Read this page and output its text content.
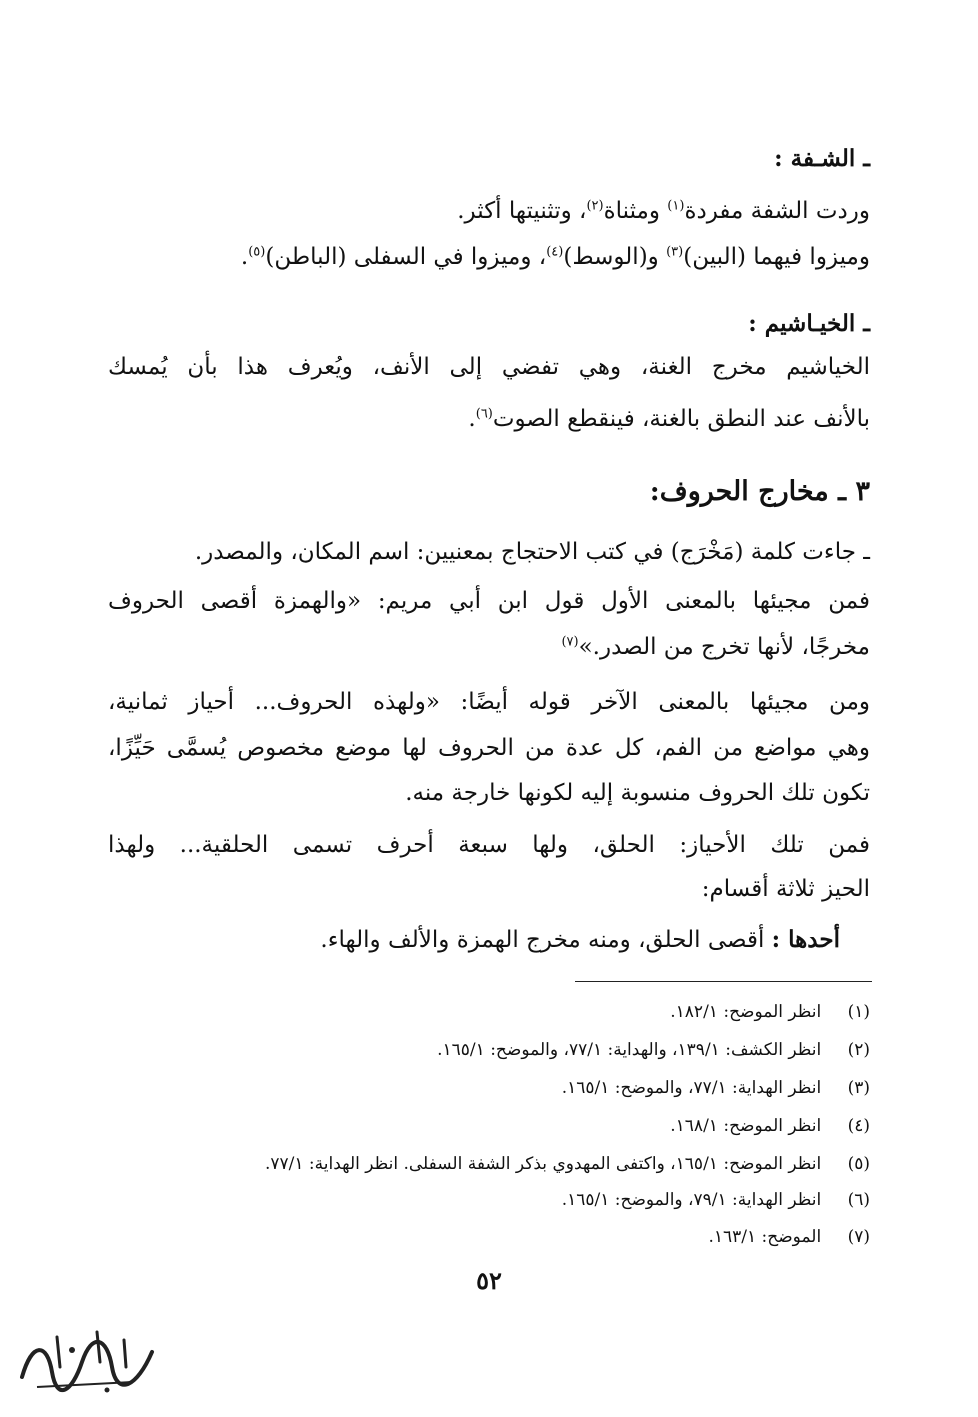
ـ الشـفة :
وردت الشفة مفردة$^{(١)}$ ومثناة$^{(٢)}$، وتثنيتها أكثر.
وميزوا فيهما (البين)$^{(٣)}$ و(الوسط)$^{(٤)}$، وميزوا في السفلى (الباطن)$^{(٥)}$.
ـ الخيـاشيم :
الخياشيم مخرج الغنة، وهي تفضي إلى الأنف، ويُعرف هذا بأن يُمسك
بالأنف عند النطق بالغنة، فينقطع الصوت$^{(٦)}$.
٣ ـ مخارج الحروف:
ـ جاءت كلمة (مَخْرَج) في كتب الاحتجاج بمعنيين: اسم المكان، والمصدر.
فمن مجيئها بالمعنى الأول قول ابن أبي مريم: «والهمزة أقصى الحروف
مخرجًا، لأنها تخرج من الصدر.»$^{(٧)}$
ومن مجيئها بالمعنى الآخر قوله أيضًا: «ولهذه الحروف... أحياز ثمانية،
وهي مواضع من الفم، كل عدة من الحروف لها موضع مخصوص يُسمَّى حَيِّزًا،
تكون تلك الحروف منسوبة إليه لكونها خارجة منه.
فمن تلك الأحياز: الحلق، ولها سبعة أحرف تسمى الحلقية... ولهذا
الحيز ثلاثة أقسام:
أحدها : أقصى الحلق، ومنه مخرج الهمزة والألف والهاء.
(١)  انظر الموضح: ١٨٢/١.
(٢)  انظر الكشف: ١٣٩/١، والهداية: ٧٧/١، والموضح: ١٦٥/١.
(٣)  انظر الهداية: ٧٧/١، والموضح: ١٦٥/١.
(٤)  انظر الموضح: ١٦٨/١.
(٥)  انظر الموضح: ١٦٥/١، واكتفى المهدوي بذكر الشفة السفلى. انظر الهداية: ٧٧/١.
(٦)  انظر الهداية: ٧٩/١، والموضح: ١٦٥/١.
(٧)  الموضح: ١٦٣/١.
٥٢
